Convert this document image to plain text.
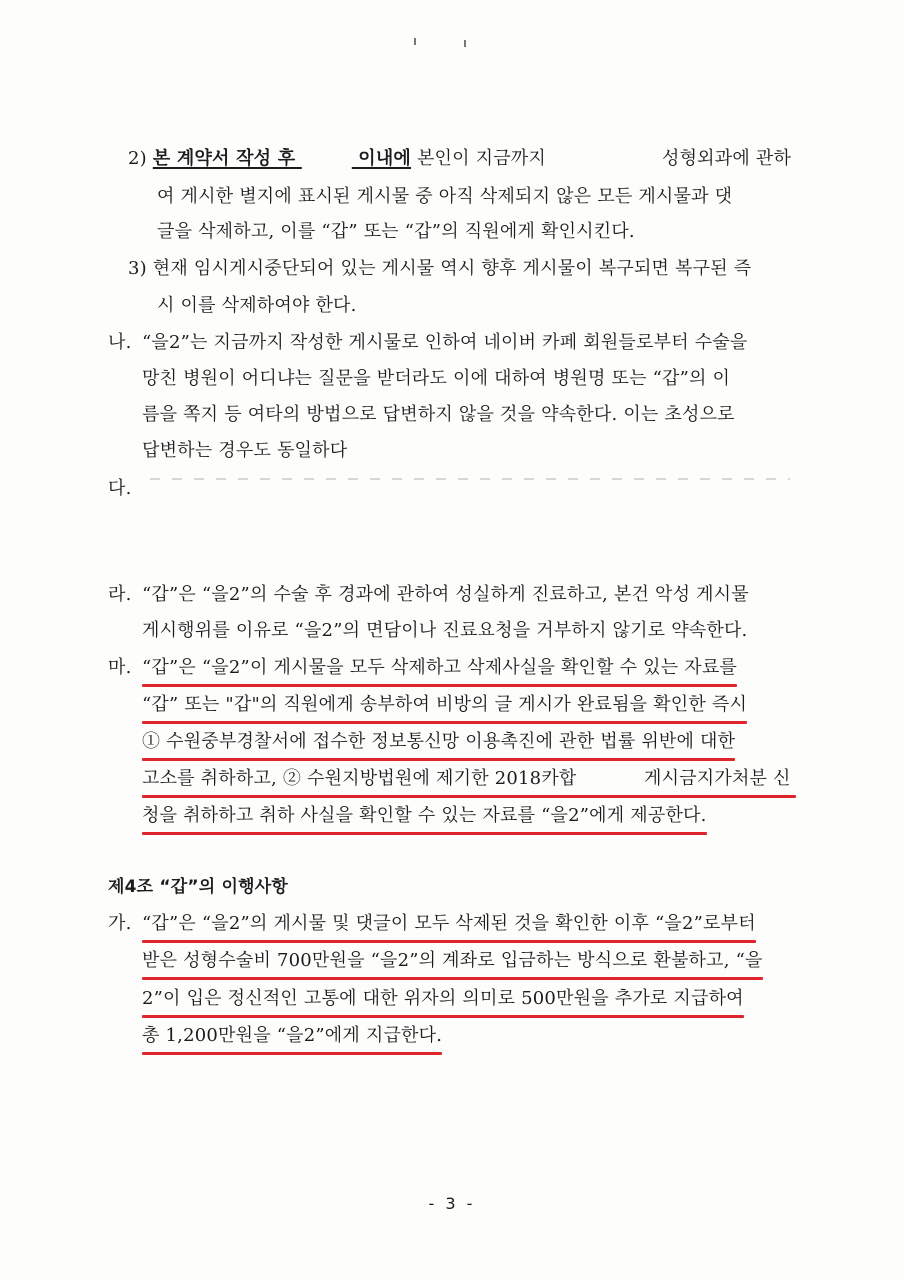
2) 본 계약서 작성 후	이내에 본인이 지금까지	성형외과에 관하
여 게시한 별지에 표시된 게시물 중 아직 삭제되지 않은 모든 게시물과 댓
글을 삭제하고, 이를 “갑” 또는 “갑”의 직원에게 확인시킨다.
3) 현재 임시게시중단되어 있는 게시물 역시 향후 게시물이 복구되면 복구된 즉
시 이를 삭제하여야 한다.
나. “을2”는 지금까지 작성한 게시물로 인하여 네이버 카페 회원들로부터 수술을
망친 병원이 어디냐는 질문을 받더라도 이에 대하여 병원명 또는 “갑”의 이
름을 쪽지 등 여타의 방법으로 답변하지 않을 것을 약속한다. 이는 초성으로
답변하는 경우도 동일하다
다.
라. “갑”은 “을2”의 수술 후 경과에 관하여 성실하게 진료하고, 본건 악성 게시물
게시행위를 이유로 “을2”의 면담이나 진료요청을 거부하지 않기로 약속한다.
마. “갑”은 “을2”이 게시물을 모두 삭제하고 삭제사실을 확인할 수 있는 자료를
“갑” 또는 "갑"의 직원에게 송부하여 비방의 글 게시가 완료됨을 확인한 즉시
① 수원중부경찰서에 접수한 정보통신망 이용촉진에 관한 법률 위반에 대한
고소를 취하하고, ② 수원지방법원에 제기한 2018카합	게시금지가처분 신
청을 취하하고 취하 사실을 확인할 수 있는 자료를 “을2”에게 제공한다.
제4조 “갑”의 이행사항
가. “갑”은 “을2”의 게시물 및 댓글이 모두 삭제된 것을 확인한 이후 “을2”로부터
받은 성형수술비 700만원을 “을2”의 계좌로 입금하는 방식으로 환불하고, “을
2”이 입은 정신적인 고통에 대한 위자의 의미로 500만원을 추가로 지급하여
총 1,200만원을 “을2”에게 지급한다.
- 3 -
